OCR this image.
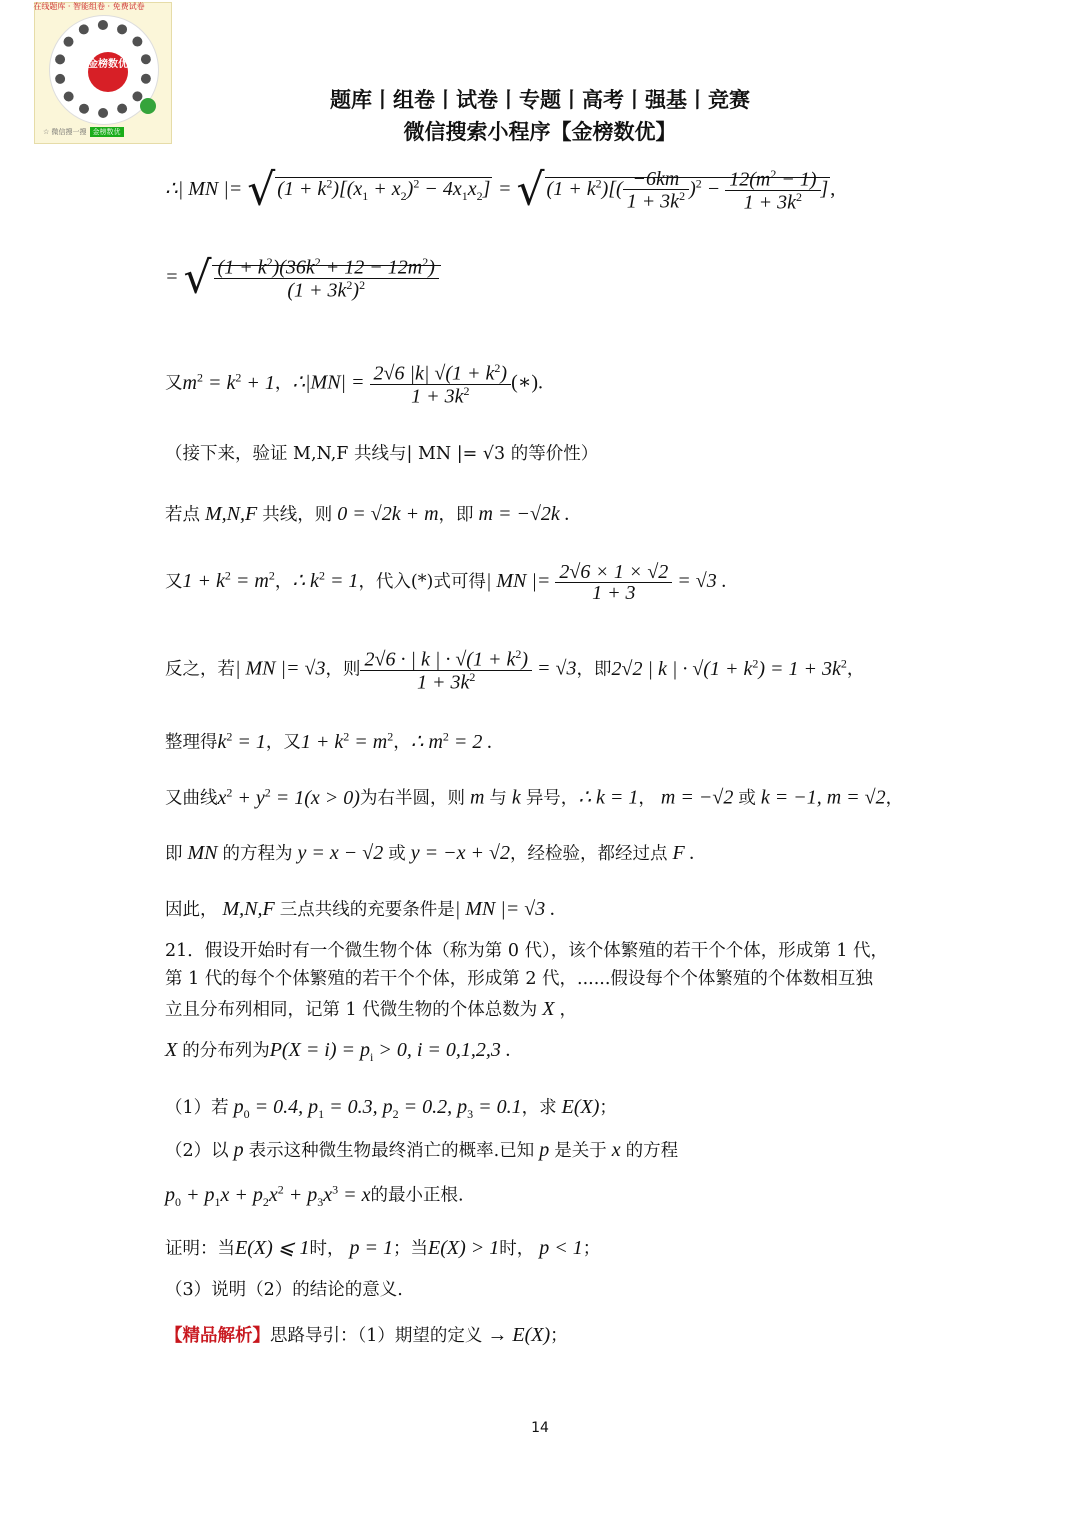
金榜数优
在线题库 · 智能组卷 · 免费试卷
☆ 微信搜一搜 金榜数优
题库丨组卷丨试卷丨专题丨高考丨强基丨竞赛
微信搜索小程序【金榜数优】
∴| MN |= √ $(1 + k^2)[(x_1 + x_2)^2 - 4x_1x_2]$ = √ $(1 + k^2)[( \frac{-6km}{1 + 3k^2} )^2 - \frac{12(m^2 - 1)}{1 + 3k^2}$ ] ,
= √ $\frac{(1 + k^2)(36k^2 + 12 - 12m^2)}{(1 + 3k^2)^2}$
又$m^2 = k^2 + 1$，∴|MN| = $\frac{2√6 |k| √(1 + k^2)}{1 + 3k^2}$ (∗).
（接下来，验证 M,N,F 共线与| MN |= √3 的等价性）
若点 M,N,F 共线，则 0 = √2k + m，即 m = −√2k .
又$1 + k^2 = m^2$，∴ $k^2 = 1$，代入(*)式可得| MN |= $\frac{2√6 \times 1 \times √2}{1 + 3} = √3$ .
反之，若| MN |= √3，则 $\frac{2√6 \cdot | k | \cdot √(1 + k^2)}{1 + 3k^2} = √3$，即2√2 | k | · $√(1 + k^2) = 1 + 3k^2$，
整理得$k^2 = 1$，又$1 + k^2 = m^2$，∴ $m^2 = 2$ .
又曲线$x^2 + y^2 = 1(x > 0)$为右半圆，则 m 与 k 异号，∴ k = 1， m = −√2 或 k = −1, m = √2，
即 MN 的方程为 y = x − √2 或 y = −x + √2，经检验，都经过点 F .
因此， M,N,F 三点共线的充要条件是| MN |= √3 .
21．假设开始时有一个微生物个体（称为第 0 代），该个体繁殖的若干个个体，形成第 1 代，
第 1 代的每个个体繁殖的若干个个体，形成第 2 代，......假设每个个体繁殖的个体数相互独
立且分布列相同，记第 1 代微生物的个体总数为 X ，
X 的分布列为$P(X = i) = p_i > 0$, i = 0,1,2,3 .
（1）若 $p_0 = 0.4$, $p_1 = 0.3$, $p_2 = 0.2$, $p_3 = 0.1$，求 E(X)；
（2）以 p 表示这种微生物最终消亡的概率.已知 p 是关于 x 的方程
$p_0 + p_1x + p_2x^2 + p_3x^3 = x$的最小正根.
证明：当E(X) ⩽ 1时， p = 1；当E(X) > 1时， p < 1；
（3）说明（2）的结论的意义.
【精品解析】思路导引：（1）期望的定义 → E(X)；
14
